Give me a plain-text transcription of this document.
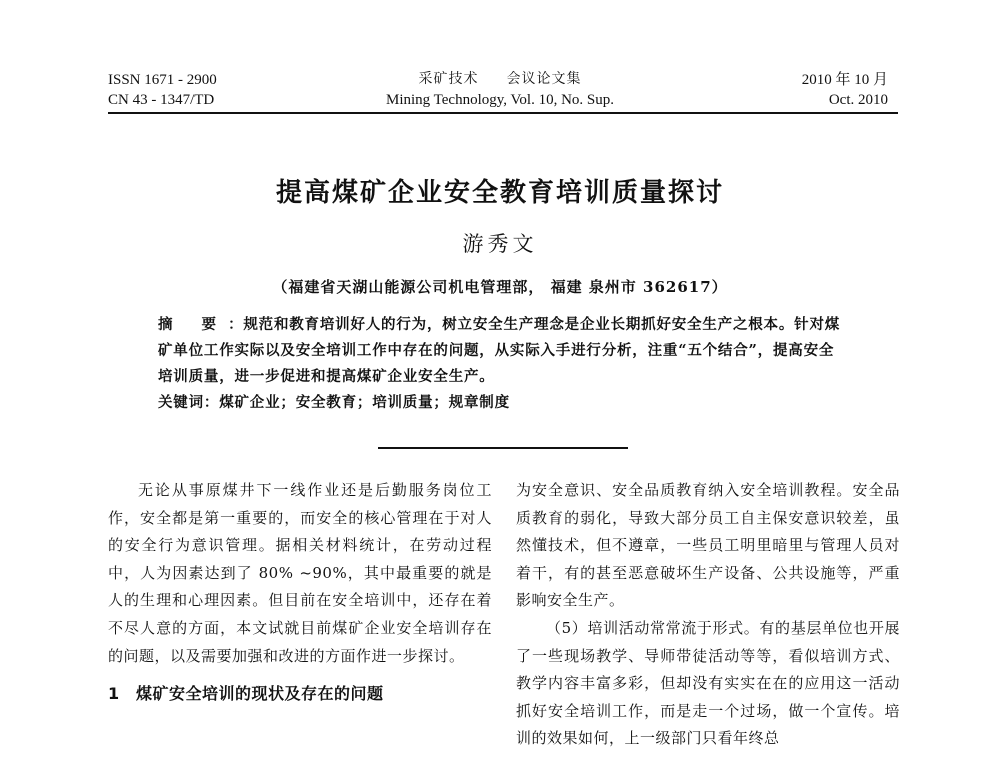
ISSN 1671 - 2900
CN 43 - 1347/TD
采矿技术 会议论文集
Mining Technology, Vol. 10, No. Sup.
2010 年 10 月
Oct. 2010
提高煤矿企业安全教育培训质量探讨
游秀文
（福建省天湖山能源公司机电管理部， 福建 泉州市 362617）

摘 要：规范和教育培训好人的行为，树立安全生产理念是企业长期抓好安全生产之根本。针对煤矿单位工作实际以及安全培训工作中存在的问题，从实际入手进行分析，注重“五个结合”，提高安全培训质量，进一步促进和提高煤矿企业安全生产。

关键词：煤矿企业；安全教育；培训质量；规章制度

无论从事原煤井下一线作业还是后勤服务岗位工作，安全都是第一重要的，而安全的核心管理在于对人的安全行为意识管理。据相关材料统计，在劳动过程中，人为因素达到了 80% ~90%，其中最重要的就是人的生理和心理因素。但目前在安全培训中，还存在着不尽人意的方面，本文试就目前煤矿企业安全培训存在的问题，以及需要加强和改进的方面作进一步探讨。

1 煤矿安全培训的现状及存在的问题

为安全意识、安全品质教育纳入安全培训教程。安全品质教育的弱化，导致大部分员工自主保安意识较差，虽然懂技术，但不遵章，一些员工明里暗里与管理人员对着干，有的甚至恶意破坏生产设备、公共设施等，严重影响安全生产。

（5）培训活动常常流于形式。有的基层单位也开展了一些现场教学、导师带徒活动等等，看似培训方式、教学内容丰富多彩，但却没有实实在在的应用这一活动抓好安全培训工作，而是走一个过场，做一个宣传。培训的效果如何，上一级部门只看年终总
